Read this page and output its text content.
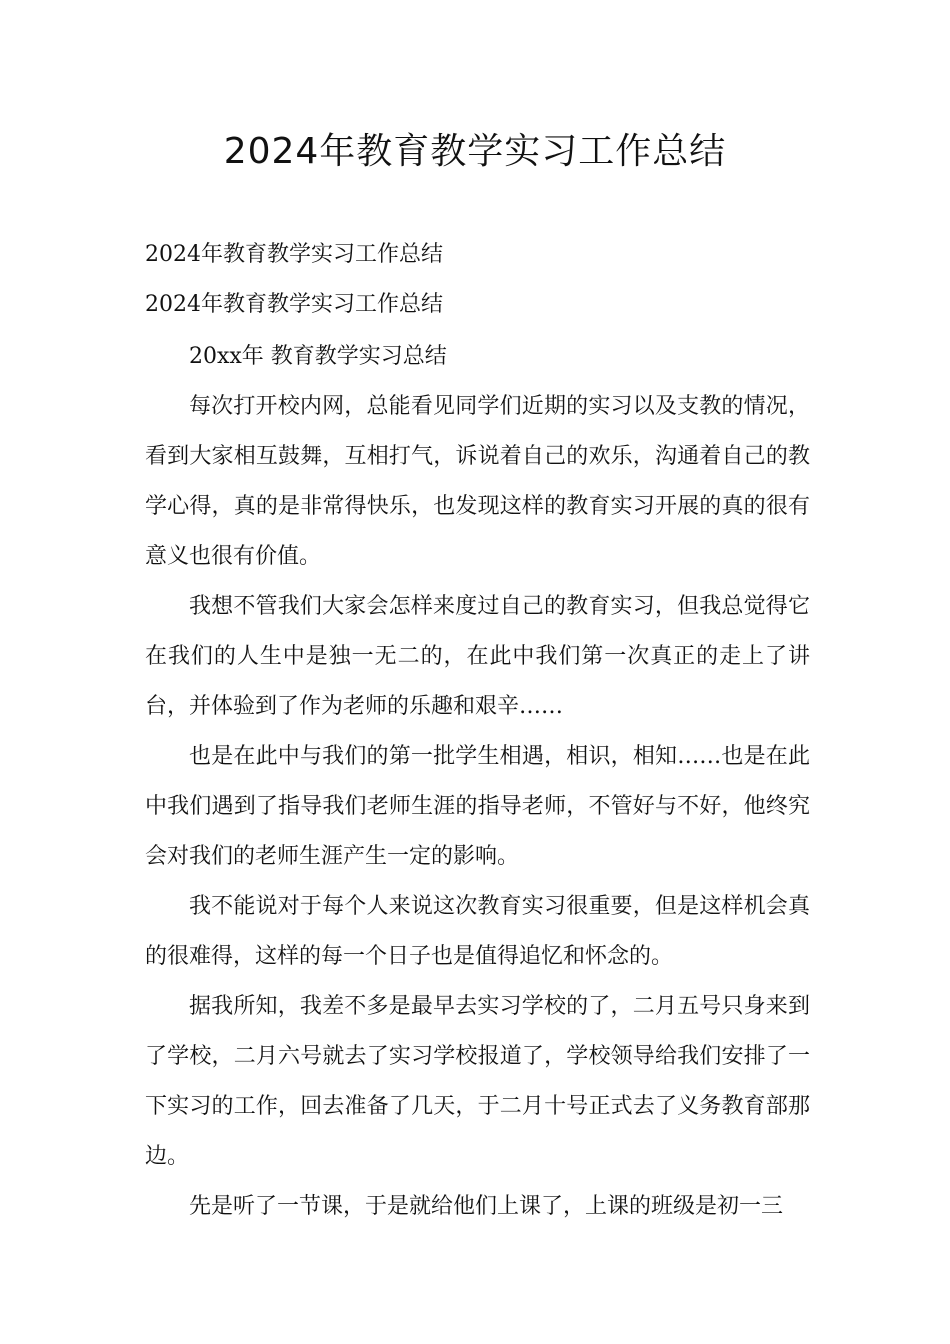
2024年教育教学实习工作总结

2024年教育教学实习工作总结

2024年教育教学实习工作总结

20xx年 教育教学实习总结

每次打开校内网，总能看见同学们近期的实习以及支教的情况，看到大家相互鼓舞，互相打气，诉说着自己的欢乐，沟通着自己的教学心得，真的是非常得快乐，也发现这样的教育实习开展的真的很有意义也很有价值。

我想不管我们大家会怎样来度过自己的教育实习，但我总觉得它在我们的人生中是独一无二的，在此中我们第一次真正的走上了讲台，并体验到了作为老师的乐趣和艰辛……

也是在此中与我们的第一批学生相遇，相识，相知……也是在此中我们遇到了指导我们老师生涯的指导老师，不管好与不好，他终究会对我们的老师生涯产生一定的影响。

我不能说对于每个人来说这次教育实习很重要，但是这样机会真的很难得，这样的每一个日子也是值得追忆和怀念的。

据我所知，我差不多是最早去实习学校的了，二月五号只身来到了学校，二月六号就去了实习学校报道了，学校领导给我们安排了一下实习的工作，回去准备了几天，于二月十号正式去了义务教育部那边。

先是听了一节课，于是就给他们上课了，上课的班级是初一三
